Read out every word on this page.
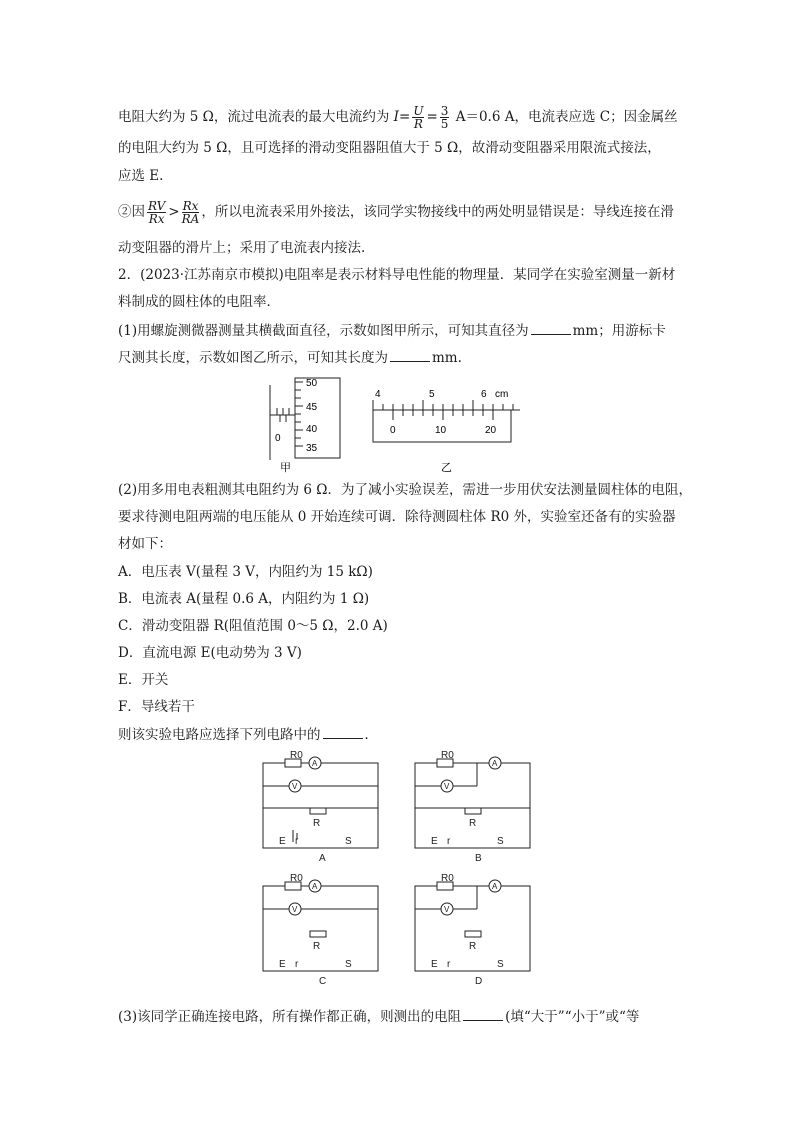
电阻大约为 5 Ω，流过电流表的最大电流约为 $I= \frac{U}{R} = \frac{3}{5} A=0.6$ A，电流表应选 C；因金属丝
的电阻大约为 5 Ω，且可选择的滑动变阻器阻值大于 5 Ω，故滑动变阻器采用限流式接法，
应选 E.
②因 $\frac{RV}{Rx} > \frac{Rx}{RA}$ ，所以电流表采用外接法，该同学实物接线中的两处明显错误是：导线连接在滑
动变阻器的滑片上；采用了电流表内接法.
2．(2023·江苏南京市模拟)电阻率是表示材料导电性能的物理量．某同学在实验室测量一新材
料制成的圆柱体的电阻率．
(1)用螺旋测微器测量其横截面直径，示数如图甲所示，可知其直径为	mm；用游标卡
尺测其长度，示数如图乙所示，可知其长度为	mm.
50
45
40
35
0
甲
4	5	6 cm
0	10	20
乙
(2)用多用电表粗测其电阻约为 6 Ω．为了减小实验误差，需进一步用伏安法测量圆柱体的电阻，
要求待测电阻两端的电压能从 0 开始连续可调．除待测圆柱体 R0 外，实验室还备有的实验器
材如下：
A．电压表 V(量程 3 V，内阻约为 15 kΩ)
B．电流表 A(量程 0.6 A，内阻约为 1 Ω)
C．滑动变阻器 R(阻值范围 0～5 Ω，2.0 A)
D．直流电源 E(电动势为 3 V)
E．开关
F．导线若干
则该实验电路应选择下列电路中的	．
R0
A
V
R
E r	S
A
R0
A
V
R
E r	S
B
R0
A
V
R
E r	S
C
R0
A
V
R
E r	S
D
(3)该同学正确连接电路，所有操作都正确，则测出的电阻	(填“大于”“小于”或“等
